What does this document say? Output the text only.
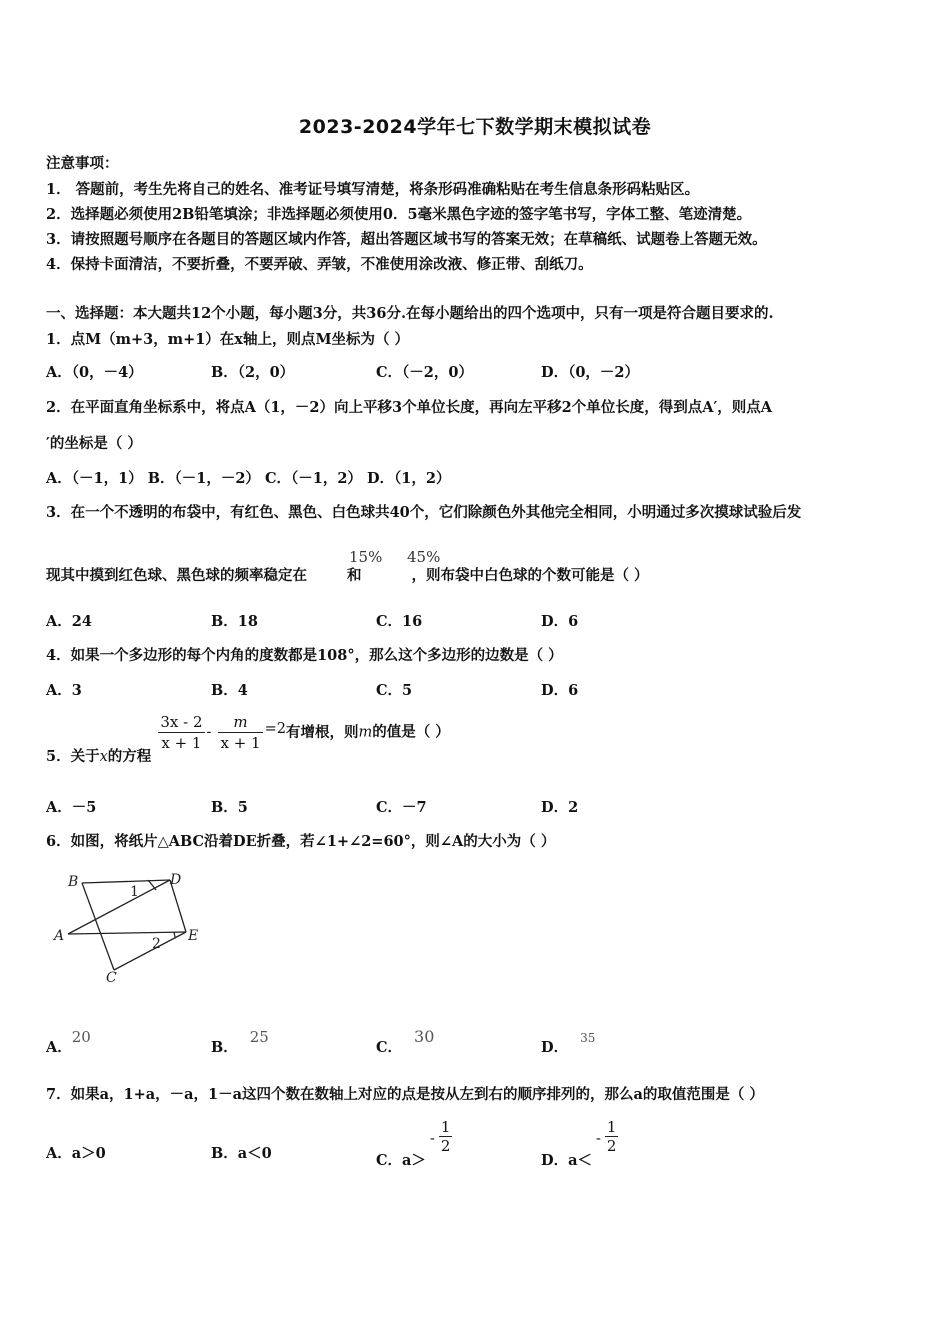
2023-2024学年七下数学期末模拟试卷
注意事项：
1． 答题前，考生先将自己的姓名、准考证号填写清楚，将条形码准确粘贴在考生信息条形码粘贴区。
2．选择题必须使用2B铅笔填涂；非选择题必须使用0．5毫米黑色字迹的签字笔书写，字体工整、笔迹清楚。
3．请按照题号顺序在各题目的答题区域内作答，超出答题区域书写的答案无效；在草稿纸、试题卷上答题无效。
4．保持卡面清洁，不要折叠，不要弄破、弄皱，不准使用涂改液、修正带、刮纸刀。
一、选择题：本大题共12个小题，每小题3分，共36分.在每小题给出的四个选项中，只有一项是符合题目要求的.
1．点M（m+3，m+1）在x轴上，则点M坐标为（ ）
A．（0，－4）	B．（2，0）	C．（－2，0）	D．（0，－2）
2．在平面直角坐标系中，将点A（1，－2）向上平移3个单位长度，再向左平移2个单位长度，得到点A′，则点A
′的坐标是（ ）
A．（－1，1） B．（－1，－2） C．（－1，2） D．（1，2）
3．在一个不透明的布袋中，有红色、黑色、白色球共40个，它们除颜色外其他完全相同，小明通过多次摸球试验后发
现其中摸到红色球、黑色球的频率稳定在	和	，则布袋中白色球的个数可能是（ ）
15% 45%
A．24	B．18	C．16	D．6
4．如果一个多边形的每个内角的度数都是108°，那么这个多边形的边数是（ ）
A．3	B．4	C．5	D．6
5．关于x的方程
$\frac{3x - 2}{x + 1} - \frac{m}{x + 1} =2$有增根，则m的值是（ ）
A．－5	B．5	C．－7	D．2
6．如图，将纸片△ABC沿着DE折叠，若∠1+∠2=60°，则∠A的大小为（ ）
B	D
1
A	2 E
C
A．20
B．25
C．30
D．$^{35}$
7．如果a，1+a，－a，1－a这四个数在数轴上对应的点是按从左到右的顺序排列的，那么a的取值范围是（ ）
A．a＞0	B．a＜0	C．$a>- \frac{1}{2}$
D．$a<- \frac{1}{2}$
